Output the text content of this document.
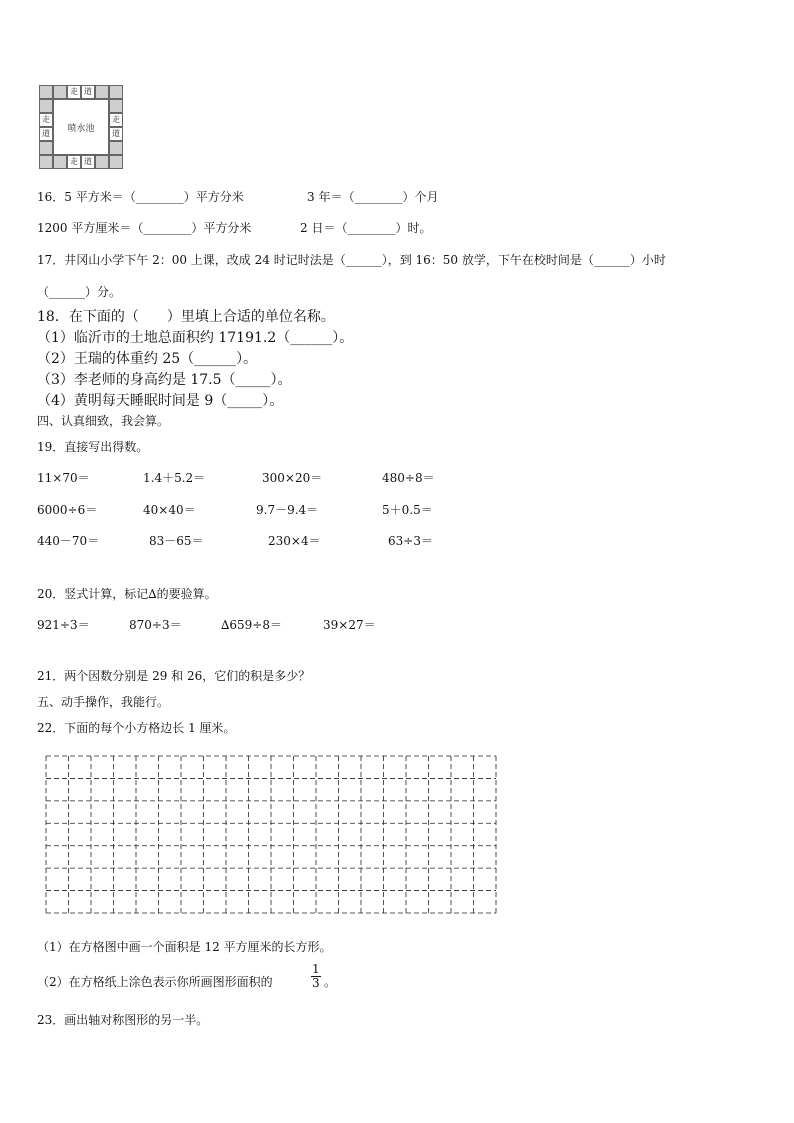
走 道
走
道
走
道
走 道
喷水池
16．5 平方米＝（________）平方分米	3 年＝（________）个月
1200 平方厘米＝（________）平方分米	2 日＝（________）时。
17．井冈山小学下午 2：00 上课，改成 24 时记时法是（______），到 16：50 放学，下午在校时间是（______）小时
（______）分。
18．在下面的（　　）里填上合适的单位名称。
（1）临沂市的土地总面积约 17191.2（______）。
（2）王瑞的体重约 25（______）。
（3）李老师的身高约是 17.5（_____）。
（4）黄明每天睡眠时间是 9（_____）。
四、认真细致，我会算。
19．直接写出得数。
11×70＝	1.4＋5.2＝	300×20＝	480÷8＝
6000÷6＝	40×40＝	9.7－9.4＝	5＋0.5＝
440－70＝	83－65＝	230×4＝	63÷3＝
20．竖式计算，标记∆的要验算。
921÷3＝	870÷3＝	∆659÷8＝	39×27＝
21．两个因数分别是 29 和 26，它们的积是多少？
五、动手操作，我能行。
22．下面的每个小方格边长 1 厘米。
（1）在方格图中画一个面积是 12 平方厘米的长方形。
（2）在方格纸上涂色表示你所画图形面积的	$\frac{1}{3}$ 。
23．画出轴对称图形的另一半。
